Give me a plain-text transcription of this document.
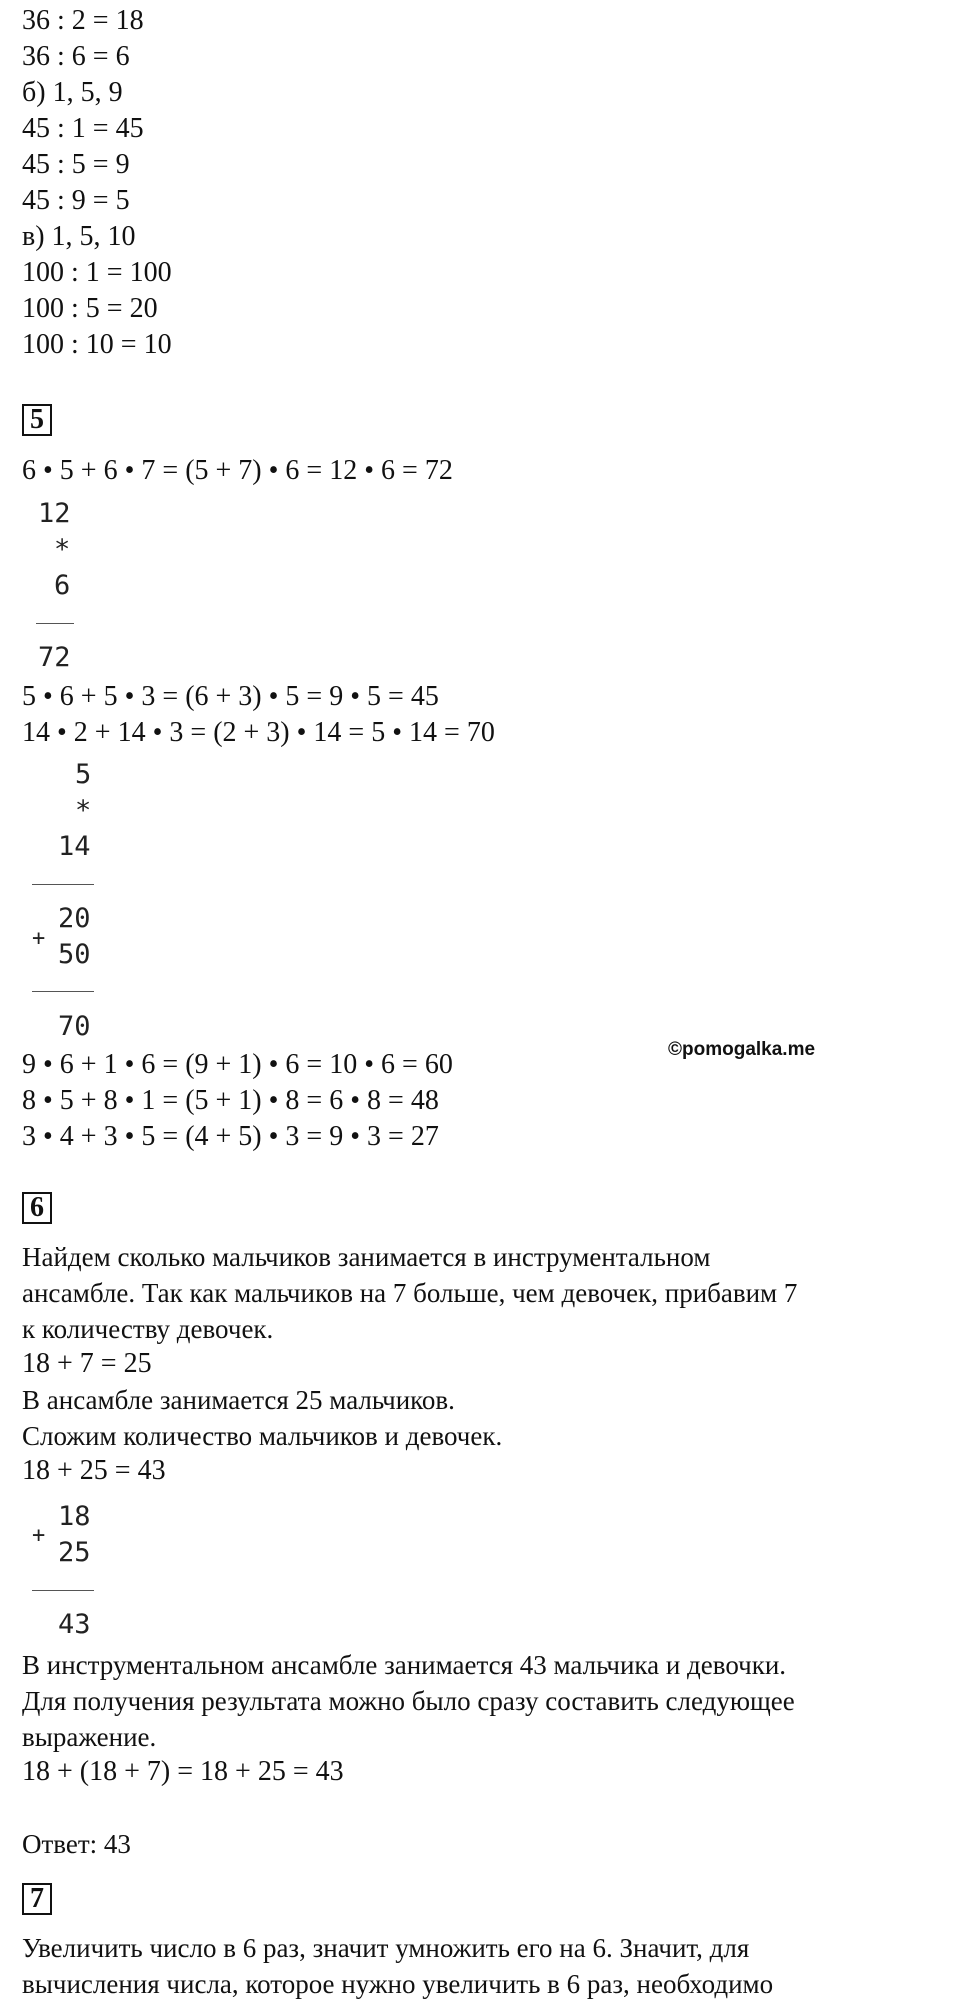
36 : 2 = 18
36 : 6 = 6
б) 1, 5, 9
45 : 1 = 45
45 : 5 = 9
45 : 9 = 5
в) 1, 5, 10
100 : 1 = 100
100 : 5 = 20
100 : 10 = 10
5
6 • 5 + 6 • 7 = (5 + 7) • 6 = 12 • 6 = 72
12
*
6
72
5 • 6 + 5 • 3 = (6 + 3) • 5 = 9 • 5 = 45
14 • 2 + 14 • 3 = (2 + 3) • 14 = 5 • 14 = 70
5
*
14
+
20
50
70
9 • 6 + 1 • 6 = (9 + 1) • 6 = 10 • 6 = 60	©pomogalka.me
8 • 5 + 8 • 1 = (5 + 1) • 8 = 6 • 8 = 48
3 • 4 + 3 • 5 = (4 + 5) • 3 = 9 • 3 = 27
6
Найдем сколько мальчиков занимается в инструментальном
ансамбле. Так как мальчиков на 7 больше, чем девочек, прибавим 7
к количеству девочек.
18 + 7 = 25
В ансамбле занимается 25 мальчиков.
Сложим количество мальчиков и девочек.
18 + 25 = 43
+
18
25
43
В инструментальном ансамбле занимается 43 мальчика и девочки.
Для получения результата можно было сразу составить следующее
выражение.
18 + (18 + 7) = 18 + 25 = 43
Ответ: 43
7
Увеличить число в 6 раз, значит умножить его на 6. Значит, для
вычисления числа, которое нужно увеличить в 6 раз, необходимо
